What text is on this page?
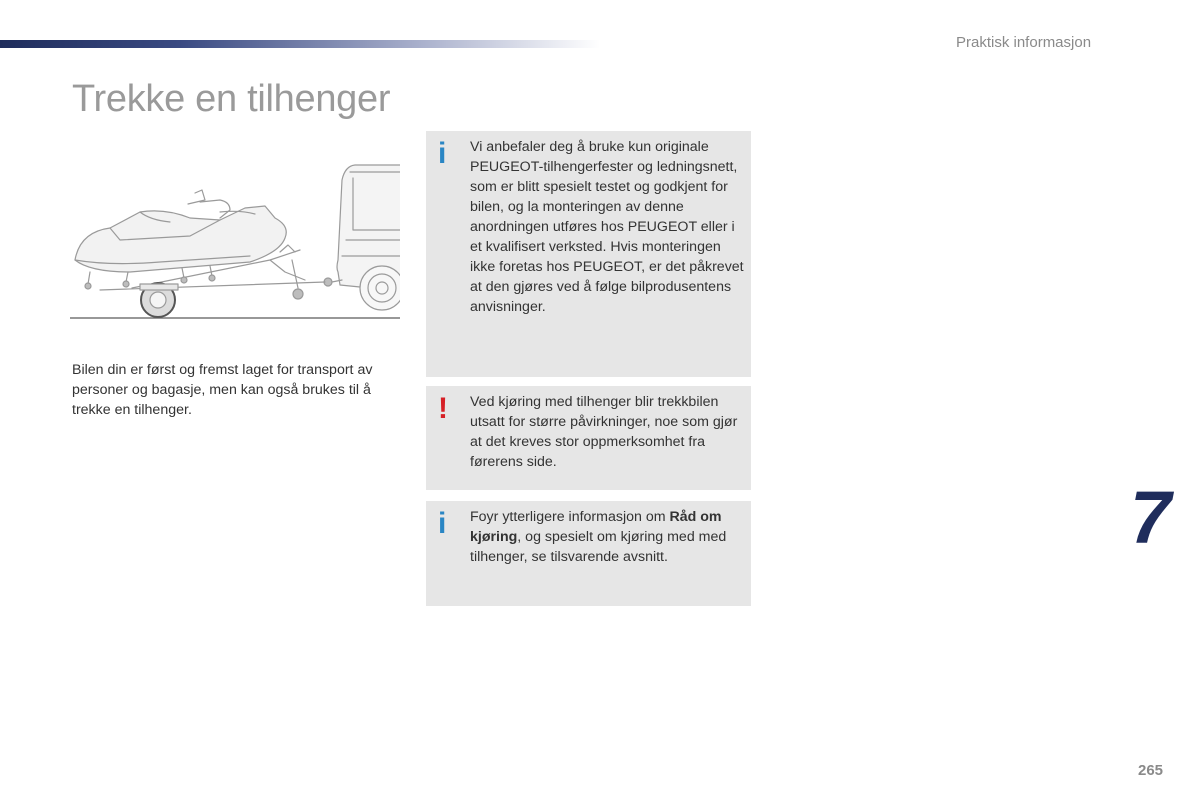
Praktisk informasjon
Trekke en tilhenger

Bilen din er først og fremst laget for transport av personer og bagasje, men kan også brukes til å trekke en tilhenger.

i Vi anbefaler deg å bruke kun originale PEUGEOT-tilhengerfester og ledningsnett, som er blitt spesielt testet og godkjent for bilen, og la monteringen av denne anordningen utføres hos PEUGEOT eller i et kvalifisert verksted. Hvis monteringen ikke foretas hos PEUGEOT, er det påkrevet at den gjøres ved å følge bilprodusentens anvisninger.

! Ved kjøring med tilhenger blir trekkbilen utsatt for større påvirkninger, noe som gjør at det kreves stor oppmerksomhet fra førerens side.

i Foyr ytterligere informasjon om Råd om kjøring, og spesielt om kjøring med med tilhenger, se tilsvarende avsnitt.	7
265
